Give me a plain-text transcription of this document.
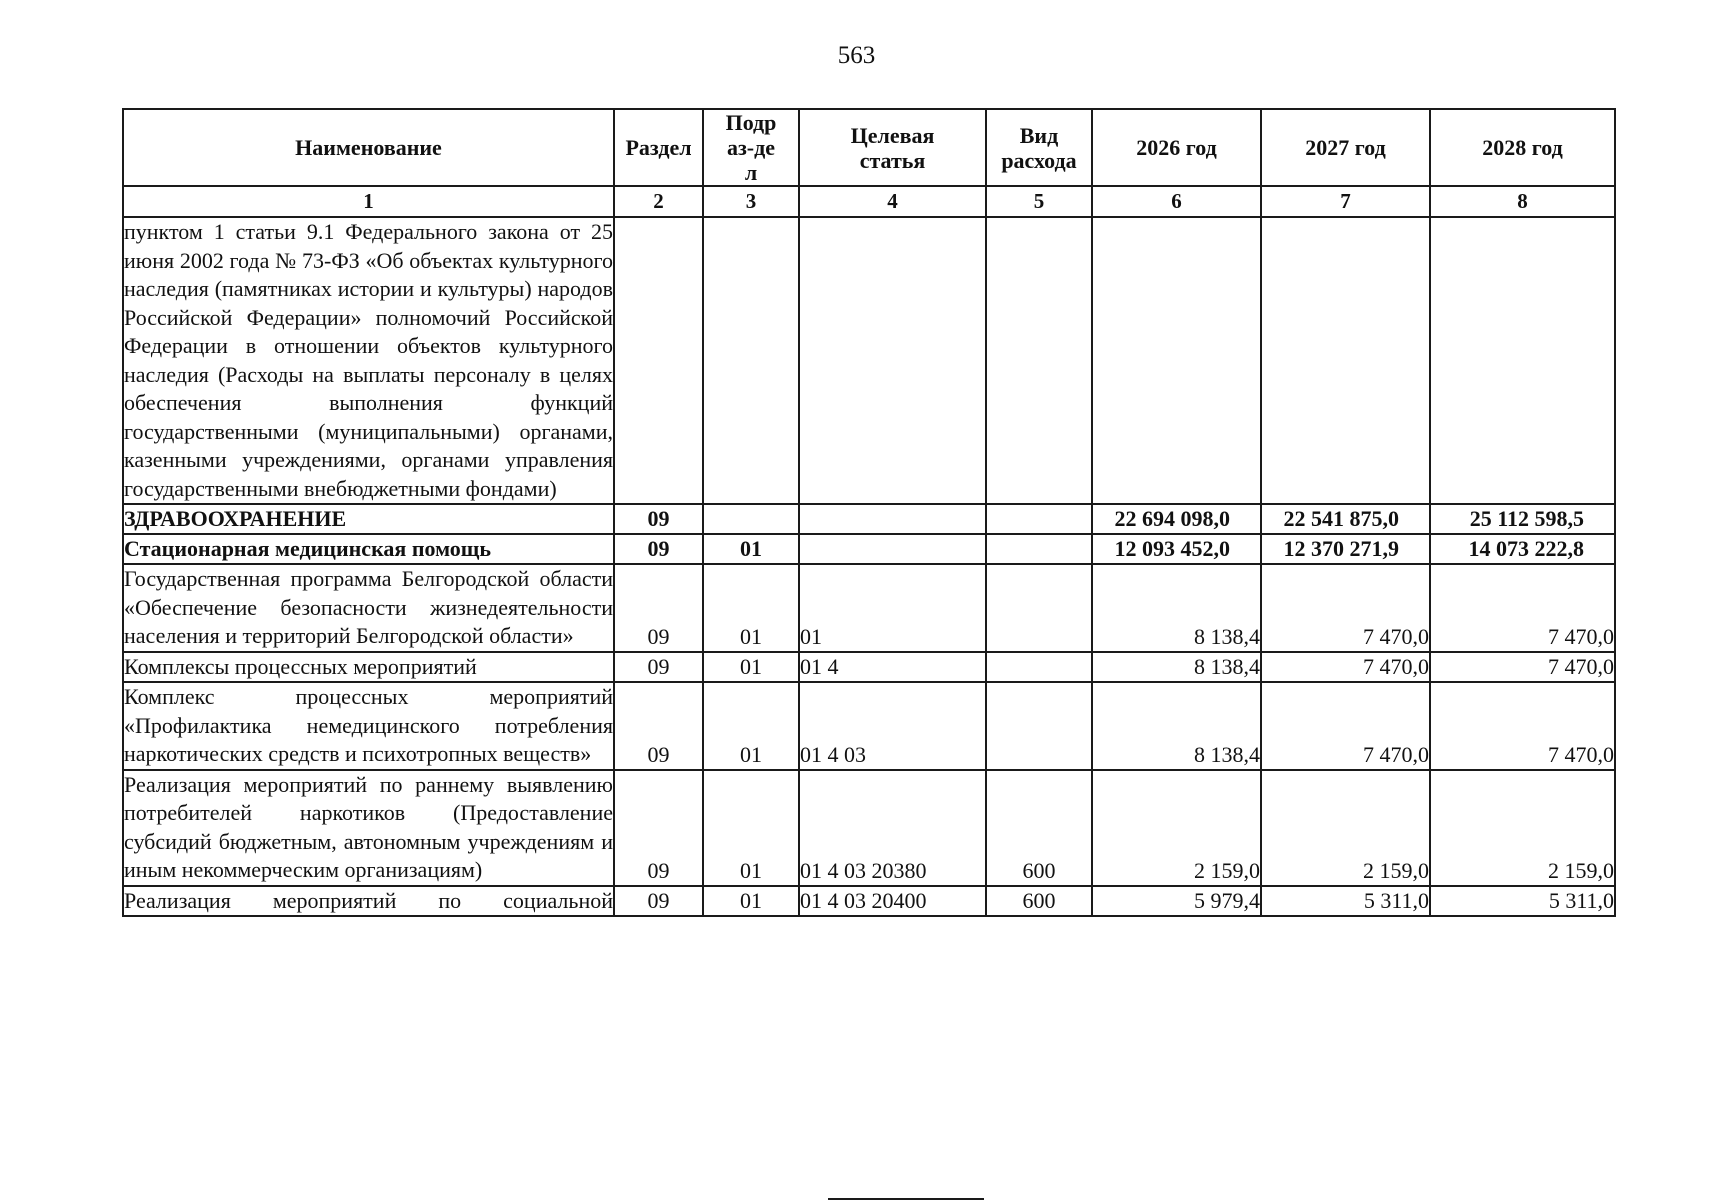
563
Наименование	Раздел	Подраз-дел	Целевая статья	Вид расхода	2026 год	2027 год	2028 год
1	2	3	4	5	6	7	8
пунктом 1 статьи 9.1 Федерального закона от 25 июня 2002 года № 73-ФЗ «Об объектах культурного наследия (памятниках истории и культуры) народов Российской Федерации» полномочий Российской Федерации в отношении объектов культурного наследия (Расходы на выплаты персоналу в целях обеспечения выполнения функций государственными (муниципальными) органами, казенными учреждениями, органами управления государственными внебюджетными фондами)							
ЗДРАВООХРАНЕНИЕ	09				22 694 098,0	22 541 875,0	25 112 598,5
Стационарная медицинская помощь	09	01			12 093 452,0	12 370 271,9	14 073 222,8
Государственная программа Белгородской области «Обеспечение безопасности жизнедеятельности населения и территорий Белгородской области»	09	01	01		8 138,4	7 470,0	7 470,0
Комплексы процессных мероприятий	09	01	01 4		8 138,4	7 470,0	7 470,0
Комплекс процессных мероприятий «Профилактика немедицинского потребления наркотических средств и психотропных веществ»	09	01	01 4 03		8 138,4	7 470,0	7 470,0
Реализация мероприятий по раннему выявлению потребителей наркотиков (Предоставление субсидий бюджетным, автономным учреждениям и иным некоммерческим организациям)	09	01	01 4 03 20380	600	2 159,0	2 159,0	2 159,0
Реализация мероприятий по социальной	09	01	01 4 03 20400	600	5 979,4	5 311,0	5 311,0
